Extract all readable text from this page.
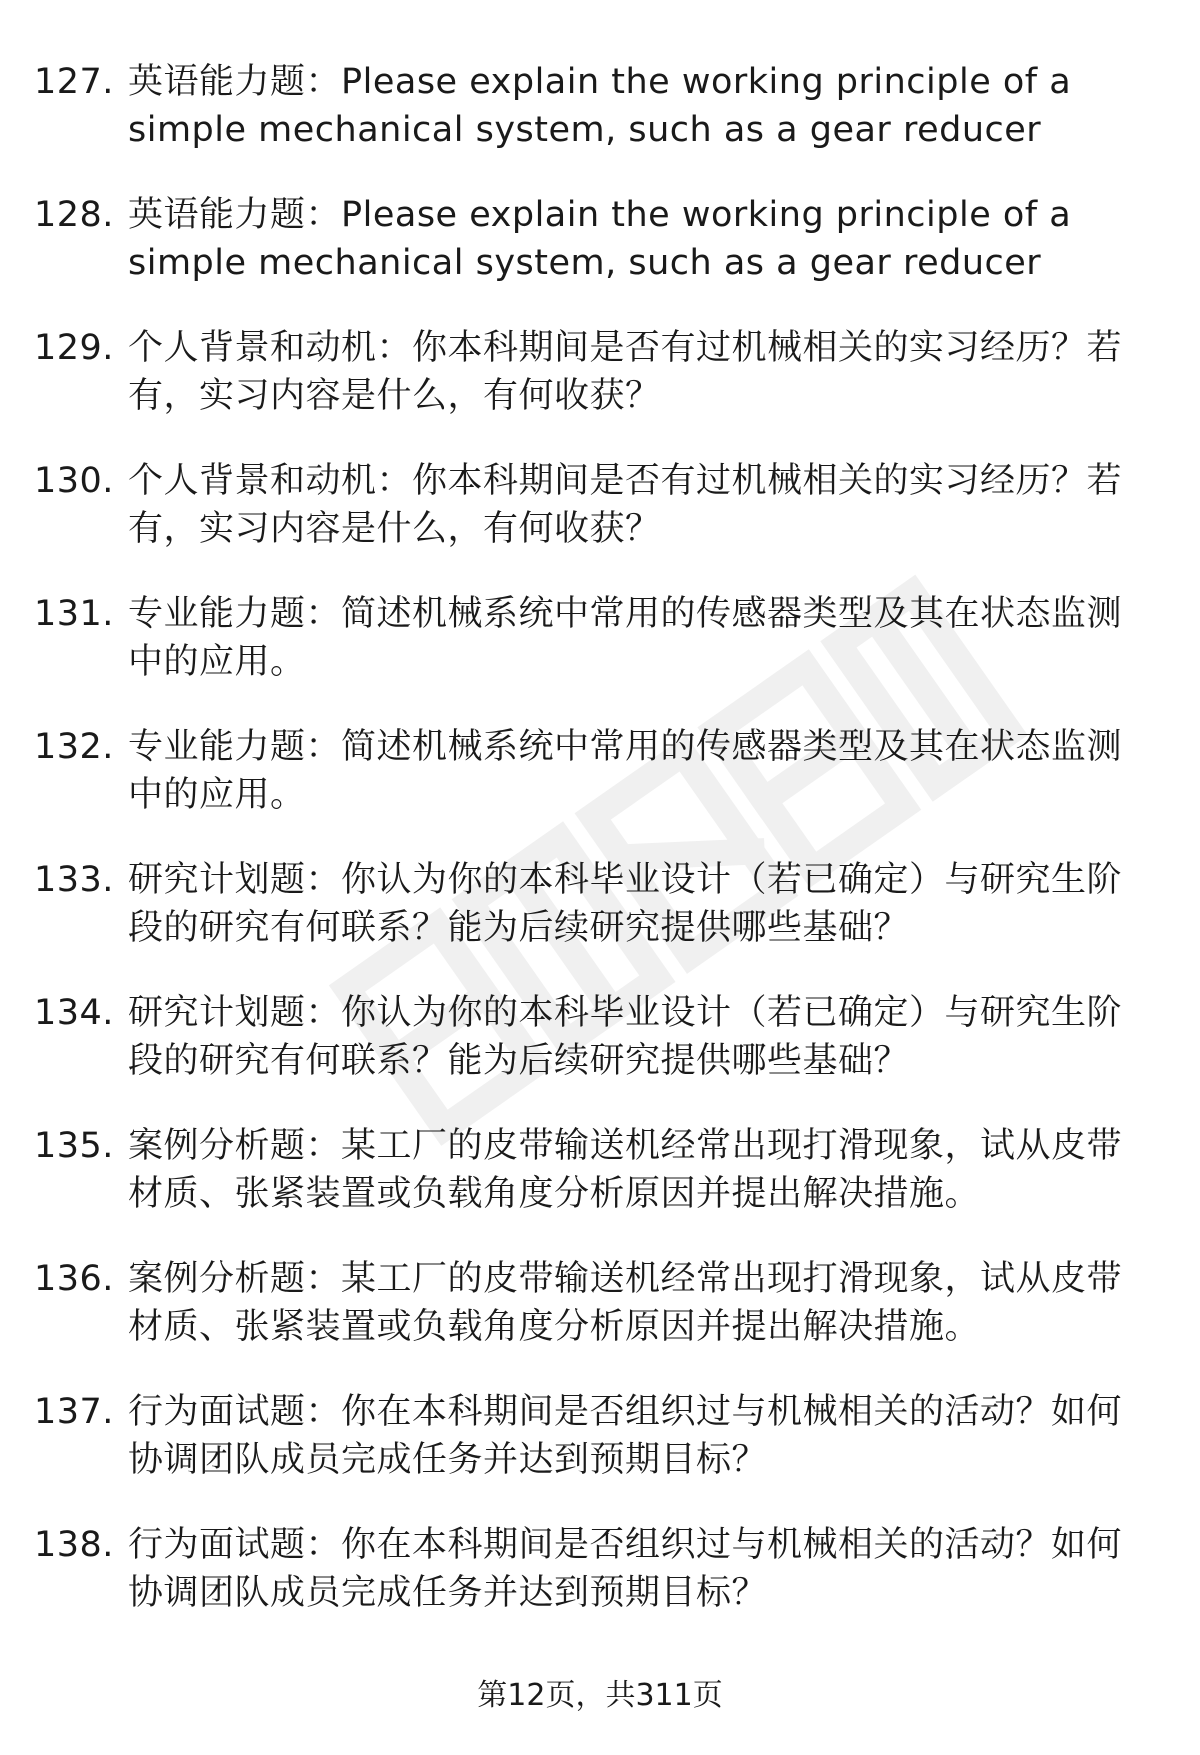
127. 英语能力题：Please explain the working principle of a simple mechanical system, such as a gear reducer
128. 英语能力题：Please explain the working principle of a simple mechanical system, such as a gear reducer
129. 个人背景和动机：你本科期间是否有过机械相关的实习经历？若有，实习内容是什么，有何收获？
130. 个人背景和动机：你本科期间是否有过机械相关的实习经历？若有，实习内容是什么，有何收获？
131. 专业能力题：简述机械系统中常用的传感器类型及其在状态监测中的应用。
132. 专业能力题：简述机械系统中常用的传感器类型及其在状态监测中的应用。
133. 研究计划题：你认为你的本科毕业设计（若已确定）与研究生阶段的研究有何联系？能为后续研究提供哪些基础？
134. 研究计划题：你认为你的本科毕业设计（若已确定）与研究生阶段的研究有何联系？能为后续研究提供哪些基础？
135. 案例分析题：某工厂的皮带输送机经常出现打滑现象，试从皮带材质、张紧装置或负载角度分析原因并提出解决措施。
136. 案例分析题：某工厂的皮带输送机经常出现打滑现象，试从皮带材质、张紧装置或负载角度分析原因并提出解决措施。
137. 行为面试题：你在本科期间是否组织过与机械相关的活动？如何协调团队成员完成任务并达到预期目标？
138. 行为面试题：你在本科期间是否组织过与机械相关的活动？如何协调团队成员完成任务并达到预期目标？
第12页，共311页
